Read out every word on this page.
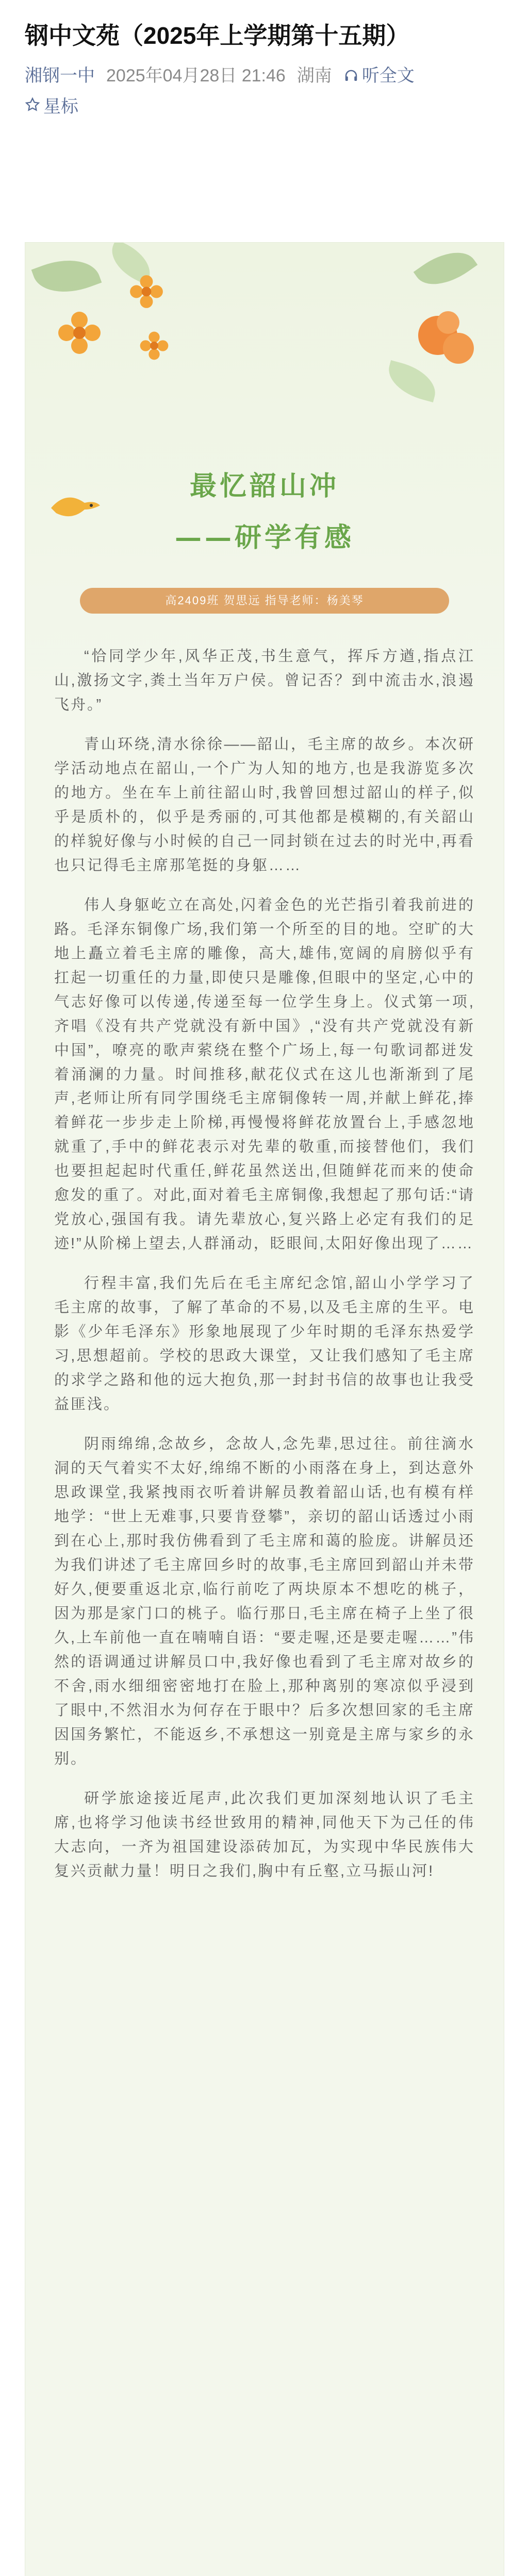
钢中文苑（2025年上学期第十五期）
湘钢一中 2025年04月28日 21:46 湖南 听全文
星标
最忆韶山冲
——研学有感
高2409班 贺思远 指导老师：杨美琴

“恰同学少年,风华正茂,书生意气，挥斥方遒,指点江山,激扬文字,粪土当年万户侯。曾记否？到中流击水,浪遏飞舟。”

青山环绕,清水徐徐——韶山，毛主席的故乡。本次研学活动地点在韶山,一个广为人知的地方,也是我游览多次的地方。坐在车上前往韶山时,我曾回想过韶山的样子,似乎是质朴的，似乎是秀丽的,可其他都是模糊的,有关韶山的样貌好像与小时候的自己一同封锁在过去的时光中,再看也只记得毛主席那笔挺的身躯……

伟人身躯屹立在高处,闪着金色的光芒指引着我前进的路。毛泽东铜像广场,我们第一个所至的目的地。空旷的大地上矗立着毛主席的雕像，高大,雄伟,宽阔的肩膀似乎有扛起一切重任的力量,即使只是雕像,但眼中的坚定,心中的气志好像可以传递,传递至每一位学生身上。仪式第一项,齐唱《没有共产党就没有新中国》,“没有共产党就没有新中国”，嘹亮的歌声萦绕在整个广场上,每一句歌词都迸发着涌澜的力量。时间推移,献花仪式在这儿也渐渐到了尾声,老师让所有同学围绕毛主席铜像转一周,并献上鲜花,捧着鲜花一步步走上阶梯,再慢慢将鲜花放置台上,手感忽地就重了,手中的鲜花表示对先辈的敬重,而接替他们，我们也要担起起时代重任,鲜花虽然送出,但随鲜花而来的使命愈发的重了。对此,面对着毛主席铜像,我想起了那句话:“请党放心,强国有我。请先辈放心,复兴路上必定有我们的足迹!”从阶梯上望去,人群涌动，眨眼间,太阳好像出现了……

行程丰富,我们先后在毛主席纪念馆,韶山小学学习了毛主席的故事，了解了革命的不易,以及毛主席的生平。电影《少年毛泽东》形象地展现了少年时期的毛泽东热爱学习,思想超前。学校的思政大课堂，又让我们感知了毛主席的求学之路和他的远大抱负,那一封封书信的故事也让我受益匪浅。

阴雨绵绵,念故乡，念故人,念先辈,思过往。前往滴水洞的天气着实不太好,绵绵不断的小雨落在身上，到达意外思政课堂,我紧拽雨衣听着讲解员教着韶山话,也有模有样地学：“世上无难事,只要肯登攀”，亲切的韶山话透过小雨到在心上,那时我仿佛看到了毛主席和蔼的脸庞。讲解员还为我们讲述了毛主席回乡时的故事,毛主席回到韶山并未带好久,便要重返北京,临行前吃了两块原本不想吃的桃子，因为那是家门口的桃子。临行那日,毛主席在椅子上坐了很久,上车前他一直在喃喃自语：“要走喔,还是要走喔……”伟然的语调通过讲解员口中,我好像也看到了毛主席对故乡的不舍,雨水细细密密地打在脸上,那种离别的寒凉似乎浸到了眼中,不然泪水为何存在于眼中？后多次想回家的毛主席因国务繁忙，不能返乡,不承想这一别竟是主席与家乡的永别。

研学旅途接近尾声,此次我们更加深刻地认识了毛主席,也将学习他读书经世致用的精神,同他天下为己任的伟大志向，一齐为祖国建设添砖加瓦，为实现中华民族伟大复兴贡献力量！明日之我们,胸中有丘壑,立马振山河!
